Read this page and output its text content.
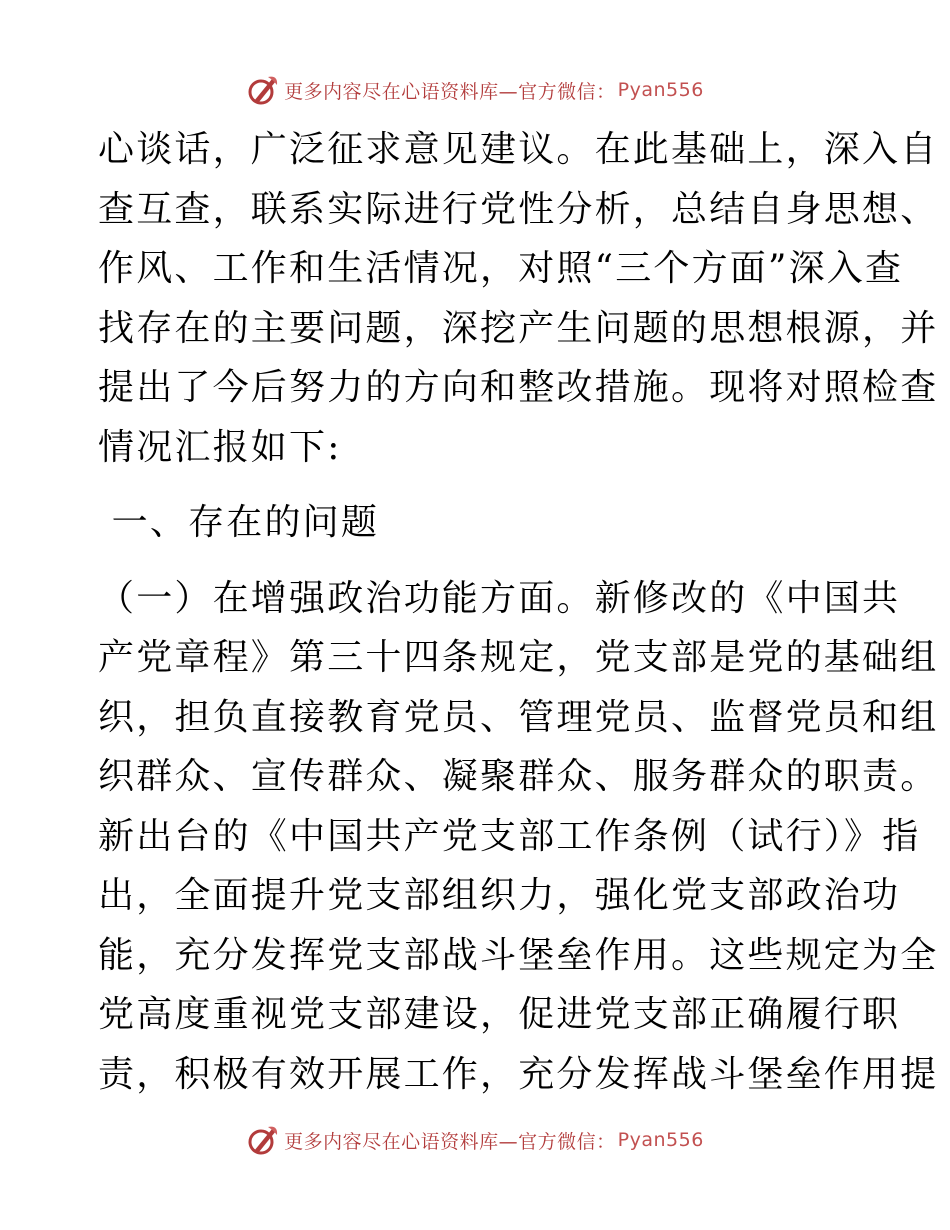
更多内容尽在心语资料库—官方微信： Pyan556
心谈话，广泛征求意见建议。在此基础上，深入自
查互查，联系实际进行党性分析，总结自身思想、
作风、工作和生活情况，对照“三个方面”深入查
找存在的主要问题，深挖产生问题的思想根源，并
提出了今后努力的方向和整改措施。现将对照检查
情况汇报如下:
一、存在的问题
（一）在增强政治功能方面。新修改的《中国共
产党章程》第三十四条规定，党支部是党的基础组
织，担负直接教育党员、管理党员、监督党员和组
织群众、宣传群众、凝聚群众、服务群众的职责。
新出台的《中国共产党支部工作条例（试行）》指
出，全面提升党支部组织力，强化党支部政治功
能，充分发挥党支部战斗堡垒作用。这些规定为全
党高度重视党支部建设，促进党支部正确履行职
责，积极有效开展工作，充分发挥战斗堡垒作用提
更多内容尽在心语资料库—官方微信： Pyan556
